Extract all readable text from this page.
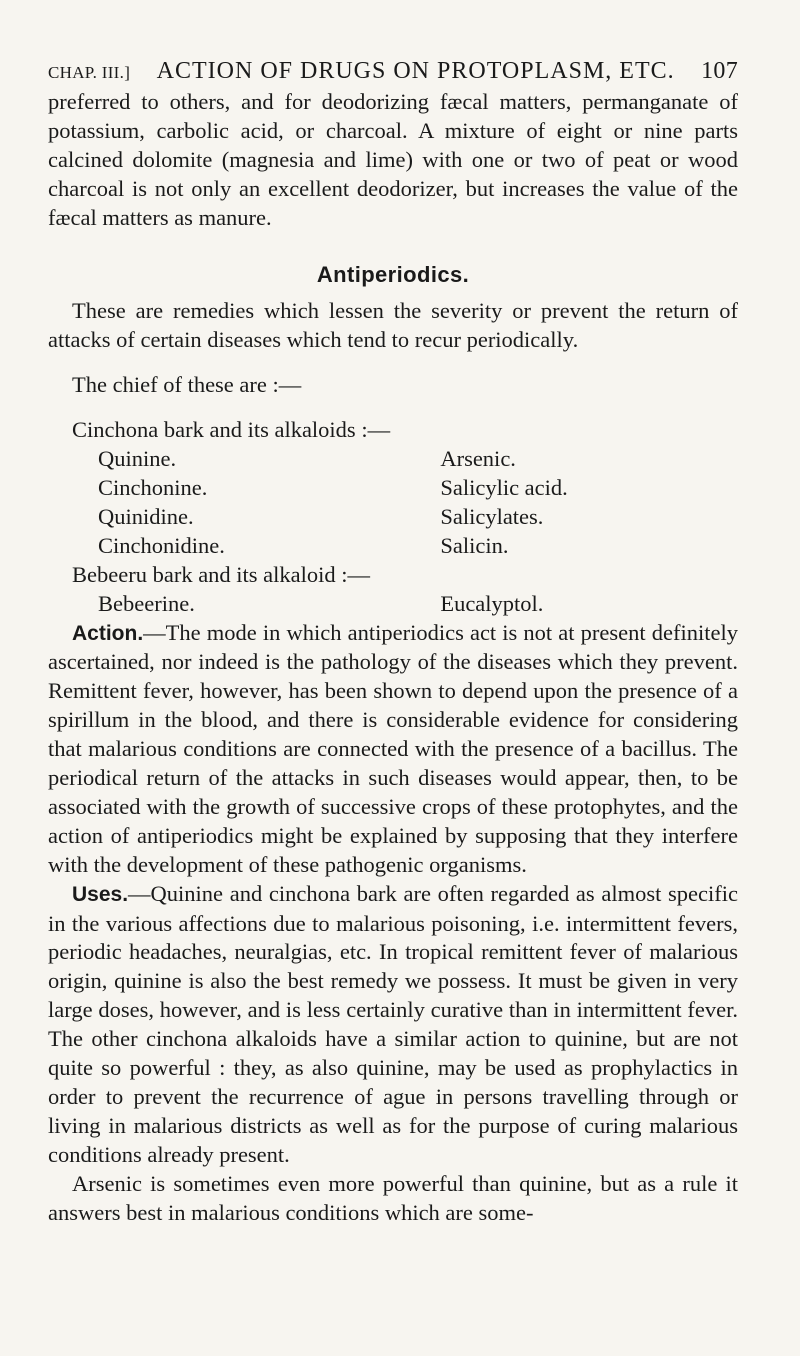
CHAP. III.] ACTION OF DRUGS ON PROTOPLASM, ETC. 107

preferred to others, and for deodorizing fæcal matters, permanganate of potassium, carbolic acid, or charcoal. A mixture of eight or nine parts calcined dolomite (magnesia and lime) with one or two of peat or wood charcoal is not only an excellent deodorizer, but increases the value of the fæcal matters as manure.

Antiperiodics.

These are remedies which lessen the severity or prevent the return of attacks of certain diseases which tend to recur periodically.

The chief of these are :—

Cinchona bark and its alkaloids :—

Quinine.
Cinchonine.
Quinidine.
Cinchonidine.
Arsenic.
Salicylic acid.
Salicylates.
Salicin.

Bebeeru bark and its alkaloid :—

Bebeerine.	Eucalyptol.

Action.—The mode in which antiperiodics act is not at present definitely ascertained, nor indeed is the pathology of the diseases which they prevent. Remittent fever, however, has been shown to depend upon the presence of a spirillum in the blood, and there is considerable evidence for considering that malarious conditions are connected with the presence of a bacillus. The periodical return of the attacks in such diseases would appear, then, to be associated with the growth of successive crops of these protophytes, and the action of antiperiodics might be explained by supposing that they interfere with the development of these pathogenic organisms.

Uses.—Quinine and cinchona bark are often regarded as almost specific in the various affections due to malarious poisoning, i.e. intermittent fevers, periodic headaches, neuralgias, etc. In tropical remittent fever of malarious origin, quinine is also the best remedy we possess. It must be given in very large doses, however, and is less certainly curative than in intermittent fever. The other cinchona alkaloids have a similar action to quinine, but are not quite so powerful : they, as also quinine, may be used as prophylactics in order to prevent the recurrence of ague in persons travelling through or living in malarious districts as well as for the purpose of curing malarious conditions already present.

Arsenic is sometimes even more powerful than quinine, but as a rule it answers best in malarious conditions which are some-
